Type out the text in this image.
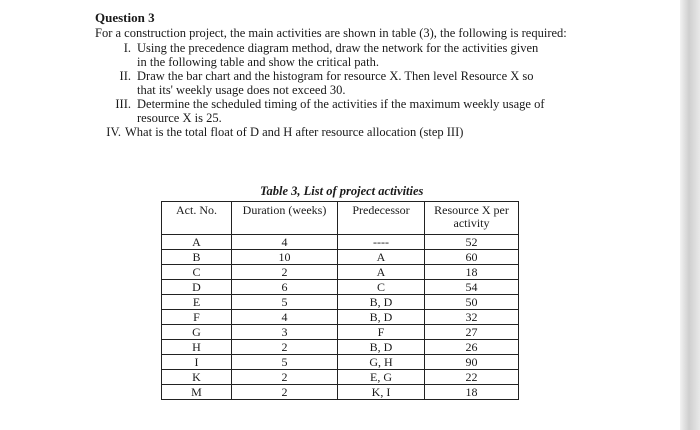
Question 3

For a construction project, the main activities are shown in table (3), the following is required:

I. Using the precedence diagram method, draw the network for the activities given in the following table and show the critical path.
II. Draw the bar chart and the histogram for resource X. Then level Resource X so that its' weekly usage does not exceed 30.
III. Determine the scheduled timing of the activities if the maximum weekly usage of resource X is 25.
IV. What is the total float of D and H after resource allocation (step III)
Table 3, List of project activities
Act. No.	Duration (weeks)	Predecessor	Resource X per activity
A	4	----	52
B	10	A	60
C	2	A	18
D	6	C	54
E	5	B, D	50
F	4	B, D	32
G	3	F	27
H	2	B, D	26
I	5	G, H	90
K	2	E, G	22
M	2	K, I	18
